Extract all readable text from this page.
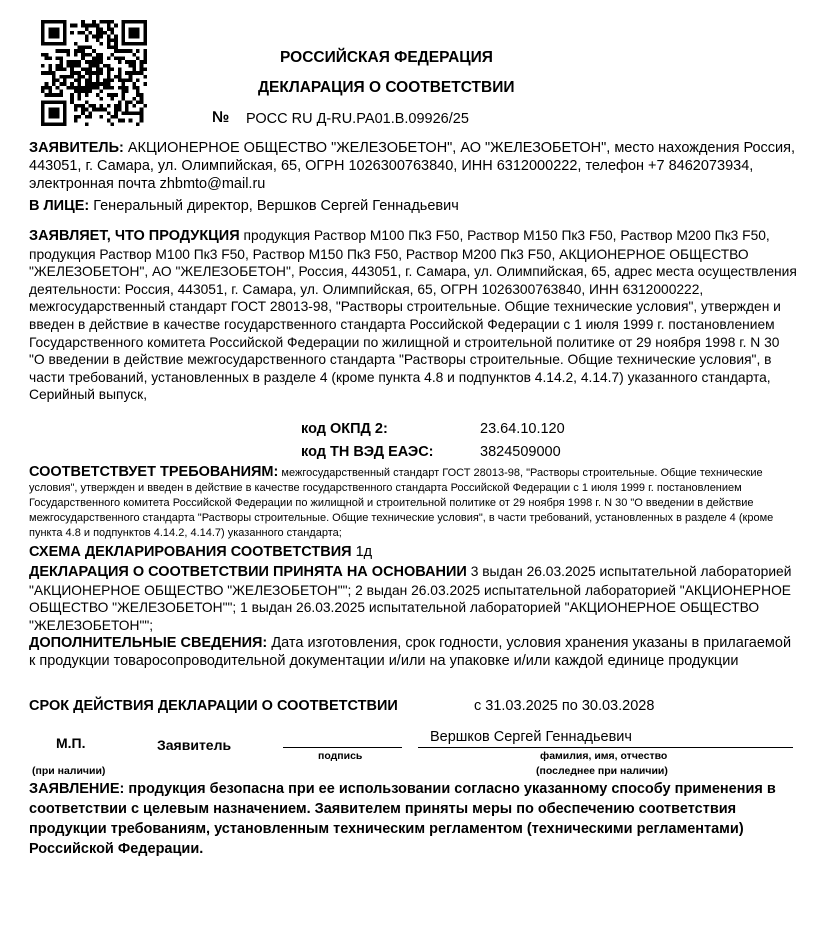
РОССИЙСКАЯ ФЕДЕРАЦИЯ
ДЕКЛАРАЦИЯ О СООТВЕТСТВИИ
№ РОСС RU Д-RU.РА01.В.09926/25
ЗАЯВИТЕЛЬ: АКЦИОНЕРНОЕ ОБЩЕСТВО "ЖЕЛЕЗОБЕТОН", АО "ЖЕЛЕЗОБЕТОН", место нахождения Россия, 443051, г. Самара, ул. Олимпийская, 65, ОГРН 1026300763840, ИНН 6312000222, телефон +7 8462073934, электронная почта zhbmto@mail.ru
В ЛИЦЕ: Генеральный директор, Вершков Сергей Геннадьевич
ЗАЯВЛЯЕТ, ЧТО ПРОДУКЦИЯ продукция Раствор М100 Пк3 F50, Раствор М150 Пк3 F50, Раствор М200 Пк3 F50, продукция Раствор М100 Пк3 F50, Раствор М150 Пк3 F50, Раствор М200 Пк3 F50, АКЦИОНЕРНОЕ ОБЩЕСТВО "ЖЕЛЕЗОБЕТОН", АО "ЖЕЛЕЗОБЕТОН", Россия, 443051, г. Самара, ул. Олимпийская, 65, адрес места осуществления деятельности: Россия, 443051, г. Самара, ул. Олимпийская, 65, ОГРН 1026300763840, ИНН 6312000222, межгосударственный стандарт ГОСТ 28013-98, "Растворы строительные. Общие технические условия", утвержден и введен в действие в качестве государственного стандарта Российской Федерации с 1 июля 1999 г. постановлением Государственного комитета Российской Федерации по жилищной и строительной политике от 29 ноября 1998 г. N 30 "О введении в действие межгосударственного стандарта "Растворы строительные. Общие технические условия", в части требований, установленных в разделе 4 (кроме пункта 4.8 и подпунктов 4.14.2, 4.14.7) указанного стандарта, Серийный выпуск,
код ОКПД 2:	23.64.10.120
код ТН ВЭД ЕАЭС:	3824509000
СООТВЕТСТВУЕТ ТРЕБОВАНИЯМ: межгосударственный стандарт ГОСТ 28013-98, "Растворы строительные. Общие технические условия", утвержден и введен в действие в качестве государственного стандарта Российской Федерации с 1 июля 1999 г. постановлением Государственного комитета Российской Федерации по жилищной и строительной политике от 29 ноября 1998 г. N 30 "О введении в действие межгосударственного стандарта "Растворы строительные. Общие технические условия", в части требований, установленных в разделе 4 (кроме пункта 4.8 и подпунктов 4.14.2, 4.14.7) указанного стандарта;
СХЕМА ДЕКЛАРИРОВАНИЯ СООТВЕТСТВИЯ 1д
ДЕКЛАРАЦИЯ О СООТВЕТСТВИИ ПРИНЯТА НА ОСНОВАНИИ 3 выдан 26.03.2025 испытательной лабораторией "АКЦИОНЕРНОЕ ОБЩЕСТВО "ЖЕЛЕЗОБЕТОН""; 2 выдан 26.03.2025 испытательной лабораторией "АКЦИОНЕРНОЕ ОБЩЕСТВО "ЖЕЛЕЗОБЕТОН""; 1 выдан 26.03.2025 испытательной лабораторией "АКЦИОНЕРНОЕ ОБЩЕСТВО "ЖЕЛЕЗОБЕТОН"";
ДОПОЛНИТЕЛЬНЫЕ СВЕДЕНИЯ: Дата изготовления, срок годности, условия хранения указаны в прилагаемой к продукции товаросопроводительной документации и/или на упаковке и/или каждой единице продукции
СРОК ДЕЙСТВИЯ ДЕКЛАРАЦИИ О СООТВЕТСТВИИ	с 31.03.2025 по 30.03.2028
М.П.
(при наличии)
Заявитель
подпись
Вершков Сергей Геннадьевич
фамилия, имя, отчество
(последнее при наличии)
ЗАЯВЛЕНИЕ: продукция безопасна при ее использовании согласно указанному способу применения в соответствии с целевым назначением. Заявителем приняты меры по обеспечению соответствия продукции требованиям, установленным техническим регламентом (техническими регламентами) Российской Федерации.
